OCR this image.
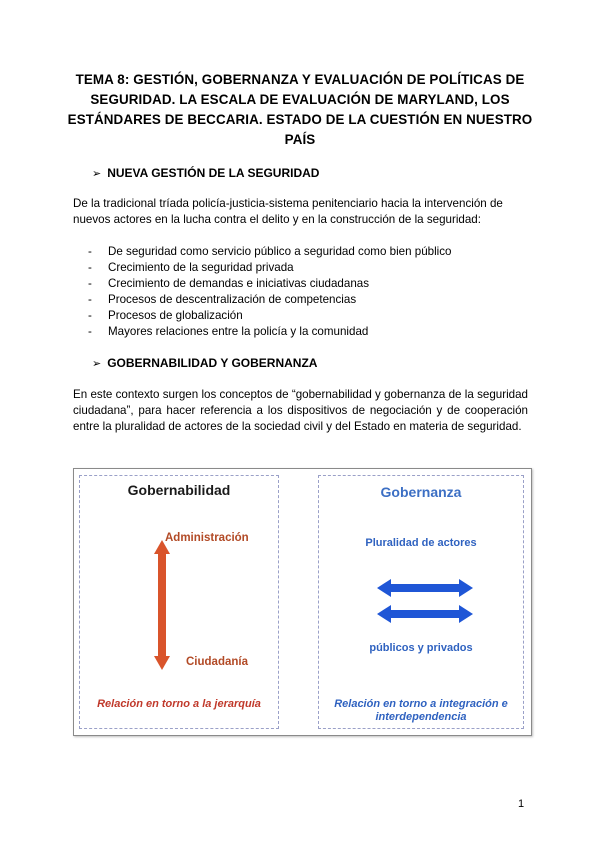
TEMA 8: GESTIÓN, GOBERNANZA Y EVALUACIÓN DE POLÍTICAS DE SEGURIDAD. LA ESCALA DE EVALUACIÓN DE MARYLAND, LOS ESTÁNDARES DE BECCARIA. ESTADO DE LA CUESTIÓN EN NUESTRO PAÍS
➢ NUEVA GESTIÓN DE LA SEGURIDAD
De la tradicional tríada policía-justicia-sistema penitenciario hacia la intervención de nuevos actores en la lucha contra el delito y en la construcción de la seguridad:
-	De seguridad como servicio público a seguridad como bien público
-	Crecimiento de la seguridad privada
-	Crecimiento de demandas e iniciativas ciudadanas
-	Procesos de descentralización de competencias
-	Procesos de globalización
-	Mayores relaciones entre la policía y la comunidad
➢ GOBERNABILIDAD Y GOBERNANZA
En este contexto surgen los conceptos de “gobernabilidad y gobernanza de la seguridad ciudadana”, para hacer referencia a los dispositivos de negociación y de cooperación entre la pluralidad de actores de la sociedad civil y del Estado en materia de seguridad.
Gobernabilidad
Administración
Ciudadanía
Relación en torno a la jerarquía
Gobernanza
Pluralidad de actores
públicos y privados
Relación en torno a integración e interdependencia
1
